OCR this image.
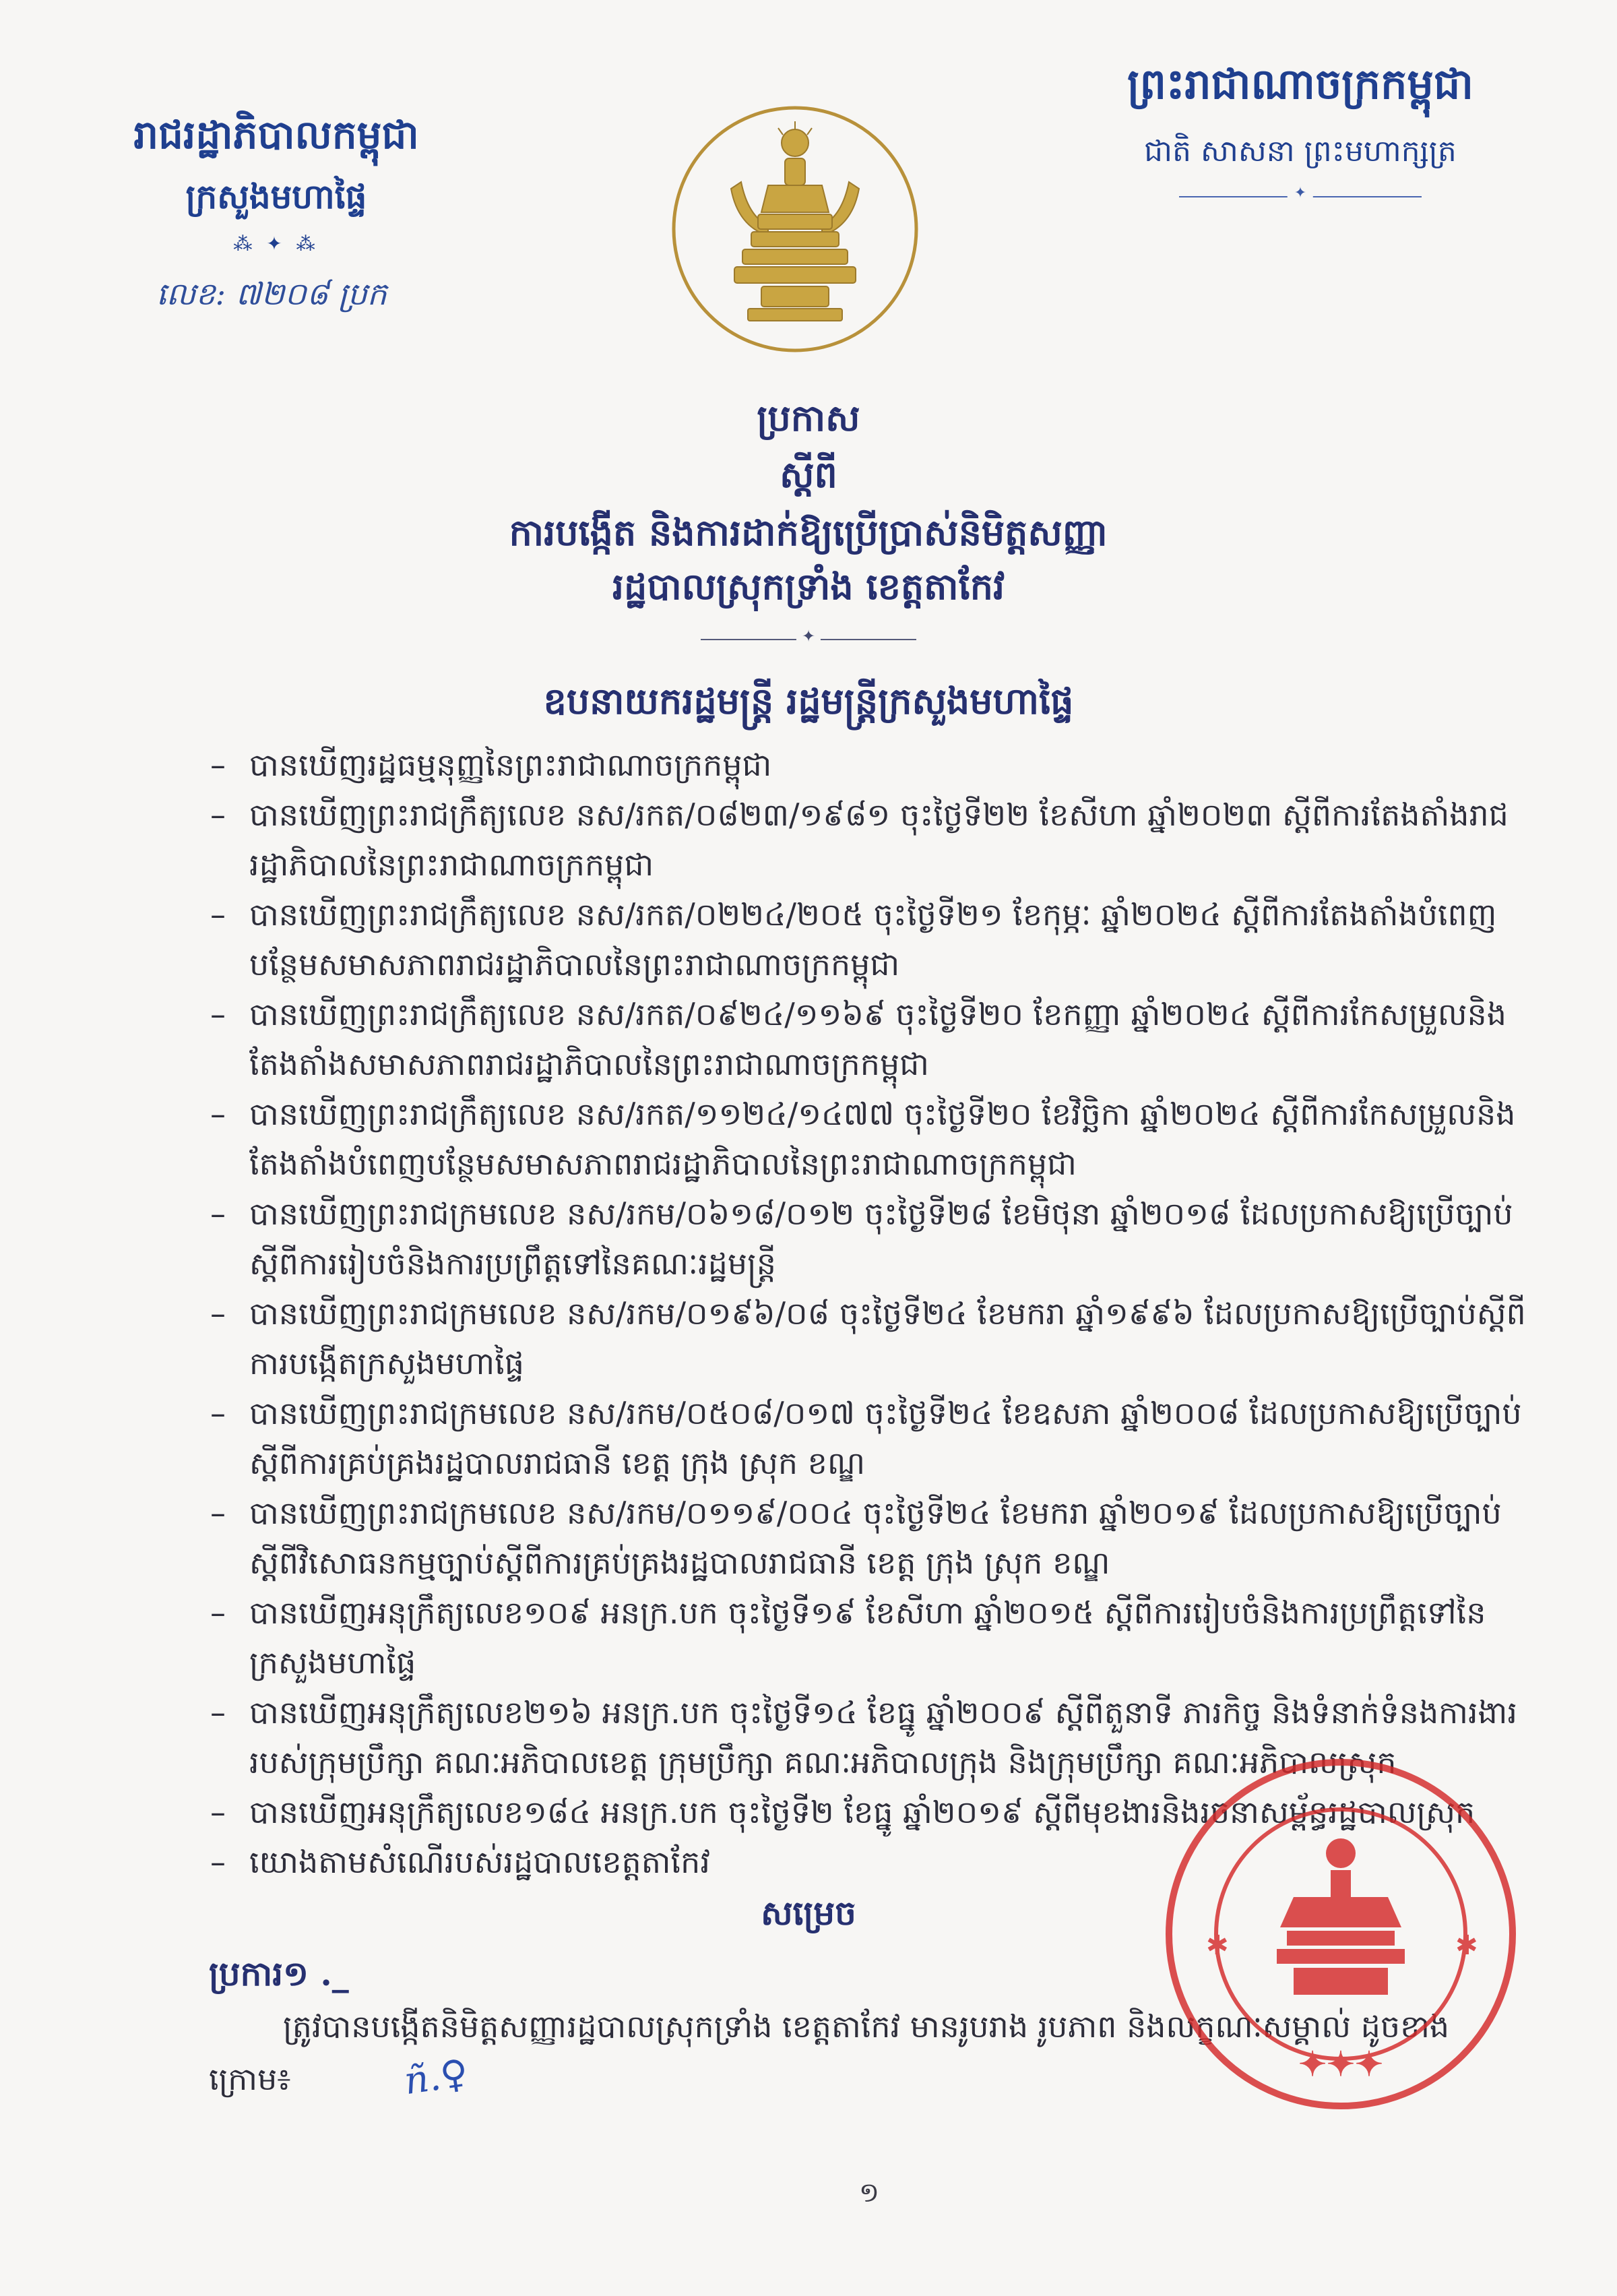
រាជរដ្ឋាភិបាលកម្ពុជា
ក្រសួងមហាផ្ទៃ
⁂ ✦ ⁂
លេខ: ៧២០៨ ប្រក
ព្រះរាជាណាចក្រកម្ពុជា
ជាតិ សាសនា ព្រះមហាក្សត្រ
✦
ប្រកាស
ស្តីពី
ការបង្កើត និងការដាក់ឱ្យប្រើប្រាស់និមិត្តសញ្ញា
រដ្ឋបាលស្រុកទ្រាំង ខេត្តតាកែវ
✦
ឧបនាយករដ្ឋមន្ត្រី រដ្ឋមន្ត្រីក្រសួងមហាផ្ទៃ
– បានឃើញរដ្ឋធម្មនុញ្ញនៃព្រះរាជាណាចក្រកម្ពុជា
– បានឃើញព្រះរាជក្រឹត្យលេខ នស/រកត/០៨២៣/១៩៨១ ចុះថ្ងៃទី២២ ខែសីហា ឆ្នាំ២០២៣ ស្តីពីការតែងតាំងរាជរដ្ឋាភិបាលនៃព្រះរាជាណាចក្រកម្ពុជា
– បានឃើញព្រះរាជក្រឹត្យលេខ នស/រកត/០២២៤/២០៥ ចុះថ្ងៃទី២១ ខែកុម្ភៈ ឆ្នាំ២០២៤ ស្តីពីការតែងតាំងបំពេញបន្ថែមសមាសភាពរាជរដ្ឋាភិបាលនៃព្រះរាជាណាចក្រកម្ពុជា
– បានឃើញព្រះរាជក្រឹត្យលេខ នស/រកត/០៩២៤/១១៦៩ ចុះថ្ងៃទី២០ ខែកញ្ញា ឆ្នាំ២០២៤ ស្តីពីការកែសម្រួលនិងតែងតាំងសមាសភាពរាជរដ្ឋាភិបាលនៃព្រះរាជាណាចក្រកម្ពុជា
– បានឃើញព្រះរាជក្រឹត្យលេខ នស/រកត/១១២៤/១៤៧៧ ចុះថ្ងៃទី២០ ខែវិច្ឆិកា ឆ្នាំ២០២៤ ស្តីពីការកែសម្រួលនិងតែងតាំងបំពេញបន្ថែមសមាសភាពរាជរដ្ឋាភិបាលនៃព្រះរាជាណាចក្រកម្ពុជា
– បានឃើញព្រះរាជក្រមលេខ នស/រកម/០៦១៨/០១២ ចុះថ្ងៃទី២៨ ខែមិថុនា ឆ្នាំ២០១៨ ដែលប្រកាសឱ្យប្រើច្បាប់ស្តីពីការរៀបចំនិងការប្រព្រឹត្តទៅនៃគណៈរដ្ឋមន្ត្រី
– បានឃើញព្រះរាជក្រមលេខ នស/រកម/០១៩៦/០៨ ចុះថ្ងៃទី២៤ ខែមករា ឆ្នាំ១៩៩៦ ដែលប្រកាសឱ្យប្រើច្បាប់ស្តីពីការបង្កើតក្រសួងមហាផ្ទៃ
– បានឃើញព្រះរាជក្រមលេខ នស/រកម/០៥០៨/០១៧ ចុះថ្ងៃទី២៤ ខែឧសភា ឆ្នាំ២០០៨ ដែលប្រកាសឱ្យប្រើច្បាប់ស្តីពីការគ្រប់គ្រងរដ្ឋបាលរាជធានី ខេត្ត ក្រុង ស្រុក ខណ្ឌ
– បានឃើញព្រះរាជក្រមលេខ នស/រកម/០១១៩/០០៤ ចុះថ្ងៃទី២៤ ខែមករា ឆ្នាំ២០១៩ ដែលប្រកាសឱ្យប្រើច្បាប់ស្តីពីវិសោធនកម្មច្បាប់ស្តីពីការគ្រប់គ្រងរដ្ឋបាលរាជធានី ខេត្ត ក្រុង ស្រុក ខណ្ឌ
– បានឃើញអនុក្រឹត្យលេខ១០៩ អនក្រ.បក ចុះថ្ងៃទី១៩ ខែសីហា ឆ្នាំ២០១៥ ស្តីពីការរៀបចំនិងការប្រព្រឹត្តទៅនៃក្រសួងមហាផ្ទៃ
– បានឃើញអនុក្រឹត្យលេខ២១៦ អនក្រ.បក ចុះថ្ងៃទី១៤ ខែធ្នូ ឆ្នាំ២០០៩ ស្តីពីតួនាទី ភារកិច្ច និងទំនាក់ទំនងការងាររបស់ក្រុមប្រឹក្សា គណៈអភិបាលខេត្ត ក្រុមប្រឹក្សា គណៈអភិបាលក្រុង និងក្រុមប្រឹក្សា គណៈអភិបាលស្រុក
– បានឃើញអនុក្រឹត្យលេខ១៨៤ អនក្រ.បក ចុះថ្ងៃទី២ ខែធ្នូ ឆ្នាំ២០១៩ ស្តីពីមុខងារនិងរចនាសម្ព័ន្ធរដ្ឋបាលស្រុក
– យោងតាមសំណើរបស់រដ្ឋបាលខេត្តតាកែវ
សម្រេច
ប្រការ១ ._
ត្រូវបានបង្កើតនិមិត្តសញ្ញារដ្ឋបាលស្រុកទ្រាំង ខេត្តតាកែវ មានរូបរាង រូបភាព និងលក្ខណៈសម្គាល់ ដូចខាងក្រោម៖	ñ.♀
✱	✱
✦✦✦
១
